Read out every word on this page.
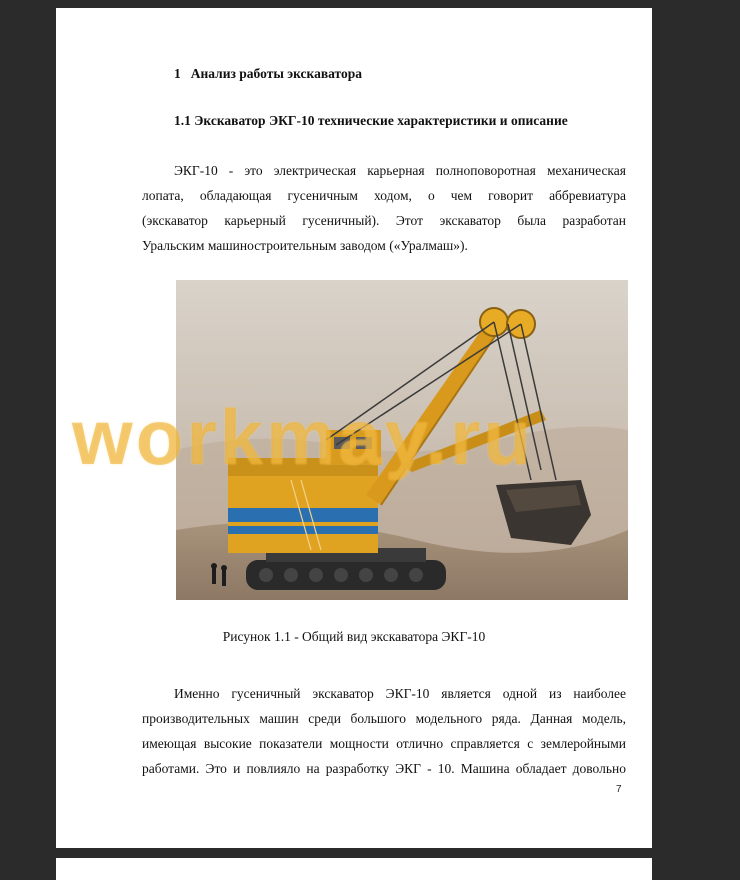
1 Анализ работы экскаватора
1.1 Экскаватор ЭКГ-10 технические характеристики и описание
ЭКГ-10 - это электрическая карьерная полноповоротная механическая
лопата, обладающая гусеничным ходом, о чем говорит аббревиатура
(экскаватор карьерный гусеничный). Этот экскаватор была разработан
Уральским машиностроительным заводом («Уралмаш»).
Рисунок 1.1 - Общий вид экскаватора ЭКГ-10
Именно гусеничный экскаватор ЭКГ-10 является одной из наиболее
производительных машин среди большого модельного ряда. Данная модель,
имеющая высокие показатели мощности отлично справляется с землеройными
работами. Это и повлияло на разработку ЭКГ - 10. Машина обладает довольно
7
workmay.ru
